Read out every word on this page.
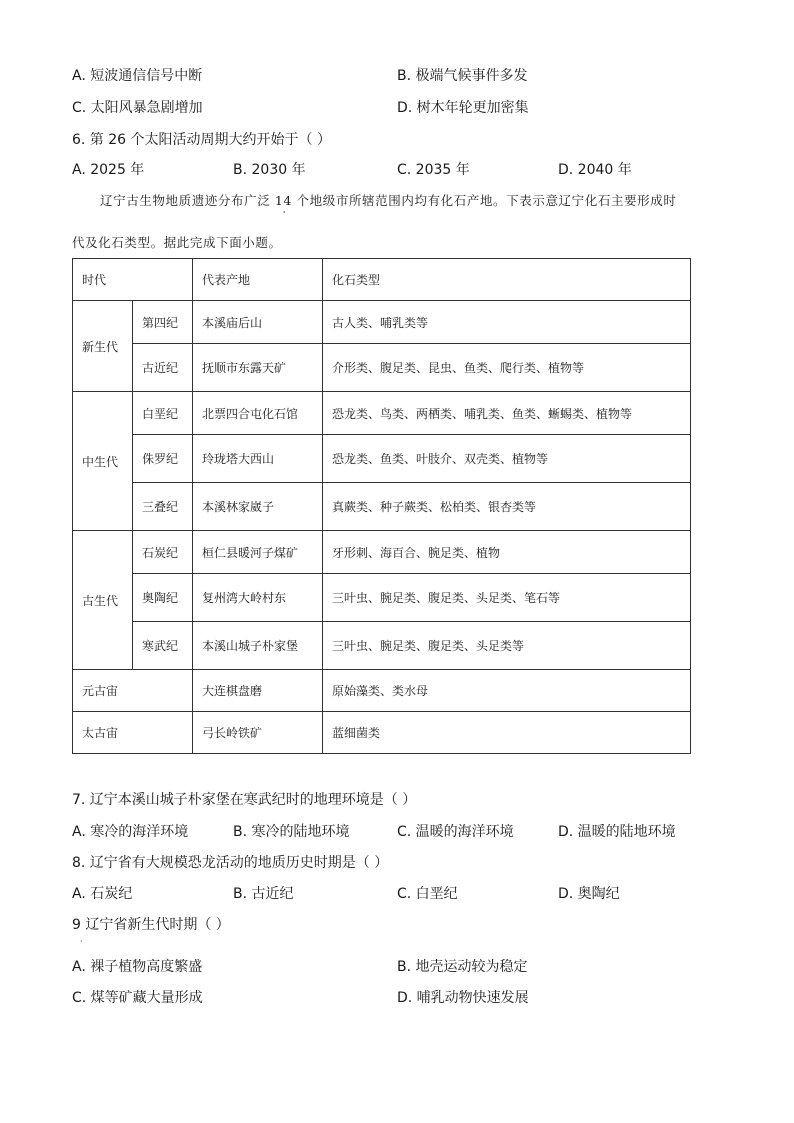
A. 短波通信信号中断	B. 极端气候事件多发
C. 太阳风暴急剧增加	D. 树木年轮更加密集
6. 第 26 个太阳活动周期大约开始于（ ）
A. 2025 年	B. 2030 年	C. 2035 年	D. 2040 年
辽宁古生物地质遗迹分布广泛 14 个地级市所辖范围内均有化石产地。下表示意辽宁化石主要形成时
'
代及化石类型。据此完成下面小题。
时代		代表产地	化石类型
新生代	第四纪	本溪庙后山	古人类、哺乳类等
	古近纪	抚顺市东露天矿	介形类、腹足类、昆虫、鱼类、爬行类、植物等
中生代	白垩纪	北票四合屯化石馆	恐龙类、鸟类、两栖类、哺乳类、鱼类、蜥蜴类、植物等
	侏罗纪	玲珑塔大西山	恐龙类、鱼类、叶肢介、双壳类、植物等
	三叠纪	本溪林家崴子	真蕨类、种子蕨类、松柏类、银杏类等
古生代	石炭纪	桓仁县暖河子煤矿	牙形刺、海百合、腕足类、植物
	奥陶纪	复州湾大岭村东	三叶虫、腕足类、腹足类、头足类、笔石等
	寒武纪	本溪山城子朴家堡	三叶虫、腕足类、腹足类、头足类等
元古宙		大连棋盘磨	原始藻类、类水母
太古宙		弓长岭铁矿	蓝细菌类
7. 辽宁本溪山城子朴家堡在寒武纪时的地理环境是（ ）
A. 寒冷的海洋环境	B. 寒冷的陆地环境	C. 温暖的海洋环境	D. 温暖的陆地环境
8. 辽宁省有大规模恐龙活动的地质历史时期是（ ）
A. 石炭纪	B. 古近纪	C. 白垩纪	D. 奥陶纪
9 辽宁省新生代时期（ ）
·
A. 裸子植物高度繁盛	B. 地壳运动较为稳定
C. 煤等矿藏大量形成	D. 哺乳动物快速发展
